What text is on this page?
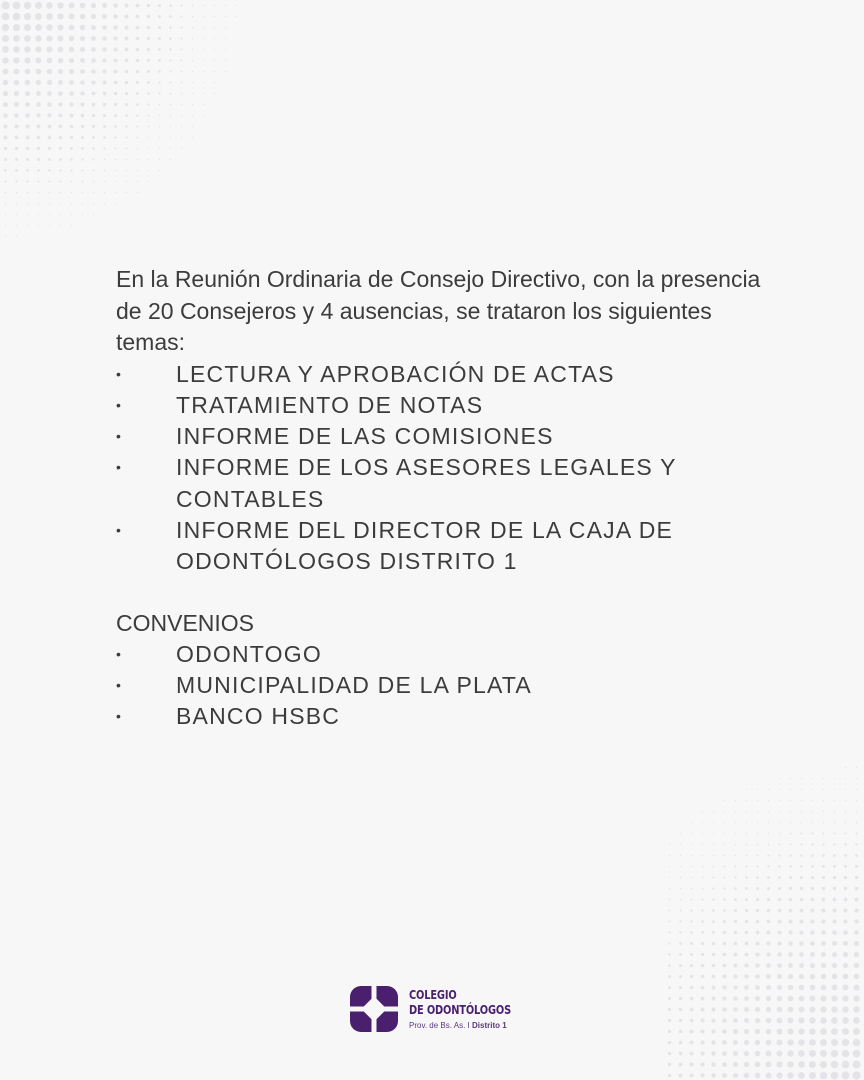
En la Reunión Ordinaria de Consejo Directivo, con la presencia de 20 Consejeros y 4 ausencias, se trataron los siguientes temas:

• LECTURA Y APROBACIÓN DE ACTAS
• TRATAMIENTO DE NOTAS
• INFORME DE LAS COMISIONES
• INFORME DE LOS ASESORES LEGALES Y CONTABLES
• INFORME DEL DIRECTOR DE LA CAJA DE ODONTÓLOGOS DISTRITO 1
CONVENIOS
• ODONTOGO
• MUNICIPALIDAD DE LA PLATA
• BANCO HSBC
COLEGIO
DE ODONTÓLOGOS
Prov. de Bs. As. I Distrito 1
